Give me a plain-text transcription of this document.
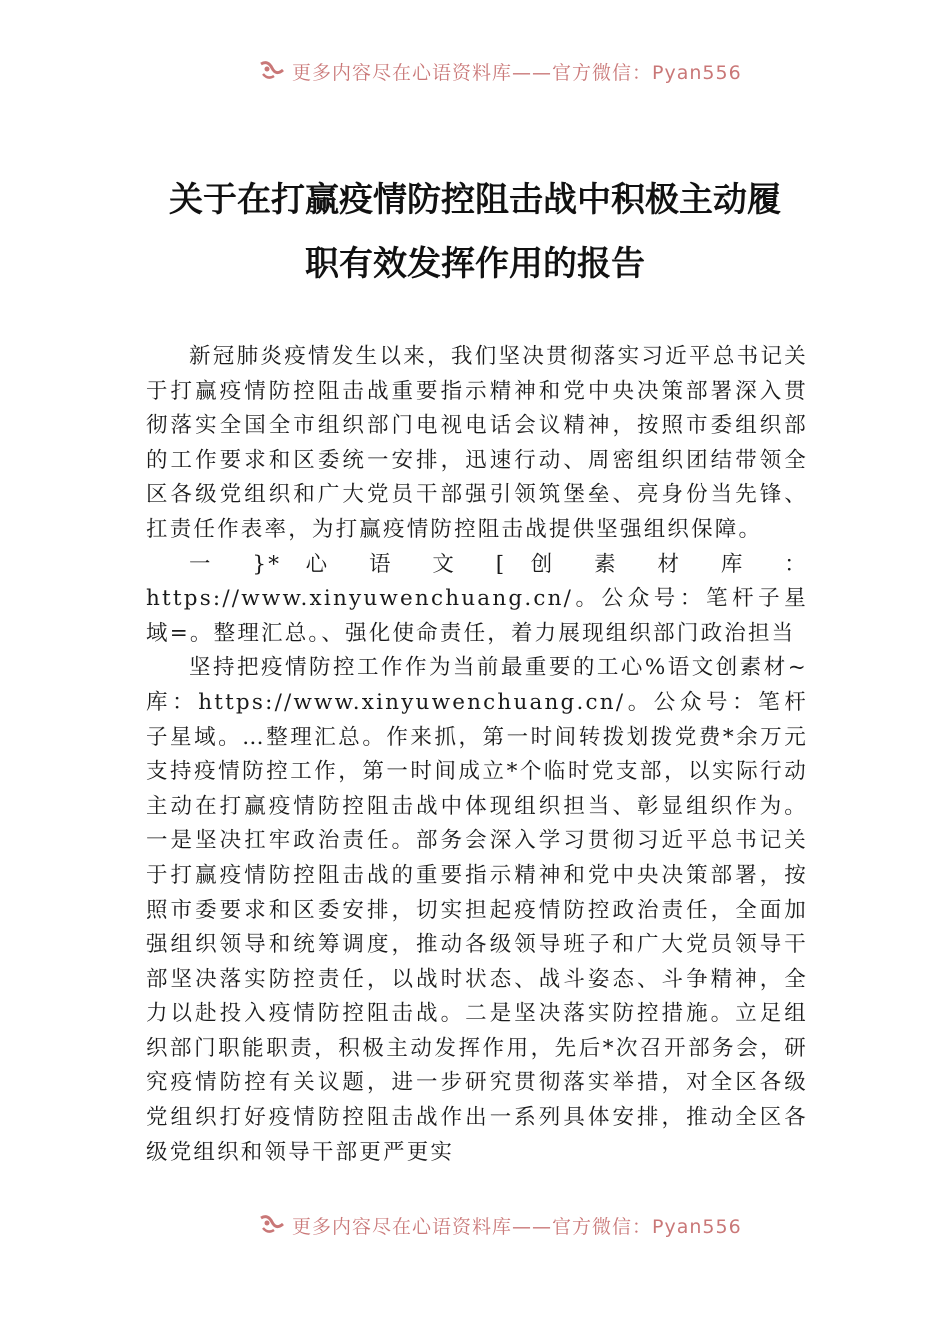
更多内容尽在心语资料库——官方微信：Pyan556
关于在打赢疫情防控阻击战中积极主动履
职有效发挥作用的报告

新冠肺炎疫情发生以来，我们坚决贯彻落实习近平总书记关于打赢疫情防控阻击战重要指示精神和党中央决策部署深入贯彻落实全国全市组织部门电视电话会议精神，按照市委组织部的工作要求和区委统一安排，迅速行动、周密组织团结带领全区各级党组织和广大党员干部强引领筑堡垒、亮身份当先锋、扛责任作表率，为打赢疫情防控阻击战提供坚强组织保障。

一 }* 心 语 文 [ 创 素 材 库 ： https://www.xinyuwenchuang.cn/。公众号：笔杆子星域=。整理汇总。、强化使命责任，着力展现组织部门政治担当

坚持把疫情防控工作作为当前最重要的工心%语文创素材~库：https://www.xinyuwenchuang.cn/。公众号：笔杆子星域。…整理汇总。作来抓，第一时间转拨划拨党费*余万元支持疫情防控工作，第一时间成立*个临时党支部，以实际行动主动在打赢疫情防控阻击战中体现组织担当、彰显组织作为。一是坚决扛牢政治责任。部务会深入学习贯彻习近平总书记关于打赢疫情防控阻击战的重要指示精神和党中央决策部署，按照市委要求和区委安排，切实担起疫情防控政治责任，全面加强组织领导和统筹调度，推动各级领导班子和广大党员领导干部坚决落实防控责任，以战时状态、战斗姿态、斗争精神，全力以赴投入疫情防控阻击战。二是坚决落实防控措施。立足组织部门职能职责，积极主动发挥作用，先后*次召开部务会，研究疫情防控有关议题，进一步研究贯彻落实举措，对全区各级党组织打好疫情防控阻击战作出一系列具体安排，推动全区各级党组织和领导干部更严更实

更多内容尽在心语资料库——官方微信：Pyan556
